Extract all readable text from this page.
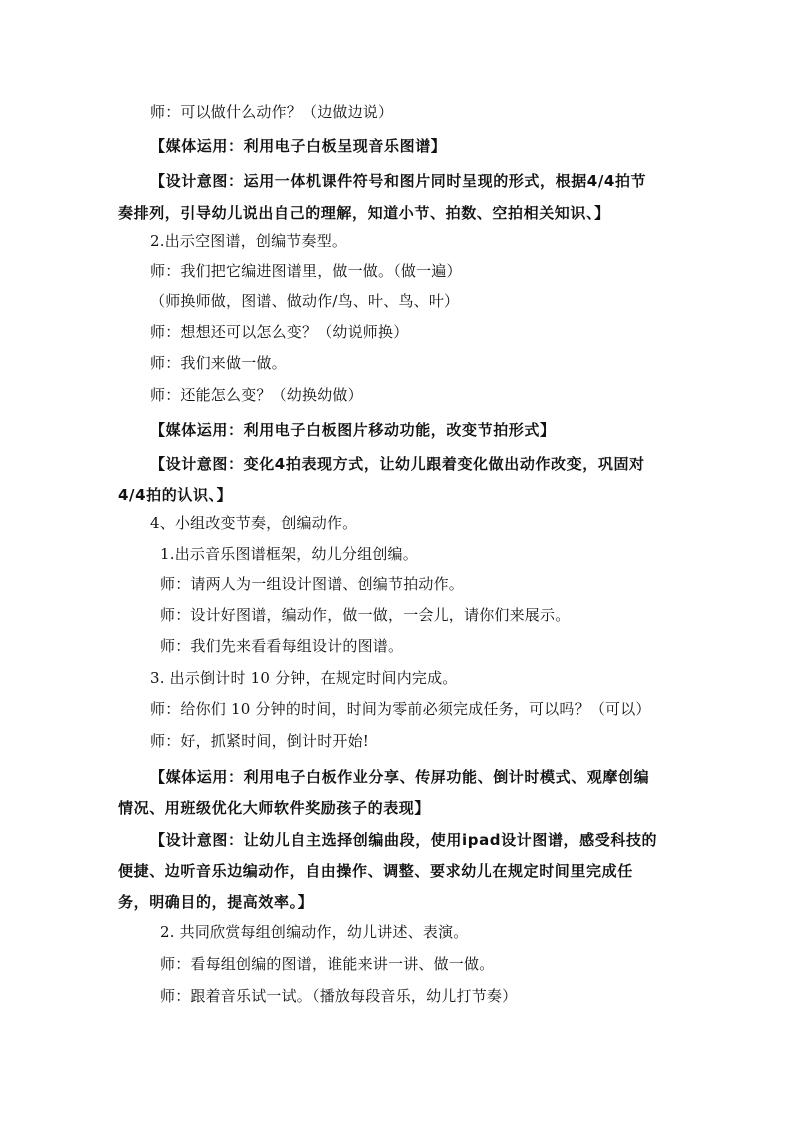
师：可以做什么动作？（边做边说）
【媒体运用：利用电子白板呈现音乐图谱】
【设计意图：运用一体机课件符号和图片同时呈现的形式，根据4/4拍节
奏排列，引导幼儿说出自己的理解，知道小节、拍数、空拍相关知识、】
2.出示空图谱，创编节奏型。
师：我们把它编进图谱里，做一做。（做一遍）
（师换师做，图谱、做动作/鸟、叶、鸟、叶）
师：想想还可以怎么变？（幼说师换）
师：我们来做一做。
师：还能怎么变？（幼换幼做）
【媒体运用：利用电子白板图片移动功能，改变节拍形式】
【设计意图：变化4拍表现方式，让幼儿跟着变化做出动作改变，巩固对
4/4拍的认识、】
4、小组改变节奏，创编动作。
1.出示音乐图谱框架，幼儿分组创编。
师：请两人为一组设计图谱、创编节拍动作。
师：设计好图谱，编动作，做一做，一会儿，请你们来展示。
师：我们先来看看每组设计的图谱。
3. 出示倒计时 10 分钟，在规定时间内完成。
师：给你们 10 分钟的时间，时间为零前必须完成任务，可以吗？（可以）
师：好，抓紧时间，倒计时开始!
【媒体运用：利用电子白板作业分享、传屏功能、倒计时模式、观摩创编
情况、用班级优化大师软件奖励孩子的表现】
【设计意图：让幼儿自主选择创编曲段，使用ipad设计图谱，感受科技的
便捷、边听音乐边编动作，自由操作、调整、要求幼儿在规定时间里完成任
务，明确目的，提高效率。】
2. 共同欣赏每组创编动作，幼儿讲述、表演。
师：看每组创编的图谱，谁能来讲一讲、做一做。
师：跟着音乐试一试。（播放每段音乐，幼儿打节奏）
